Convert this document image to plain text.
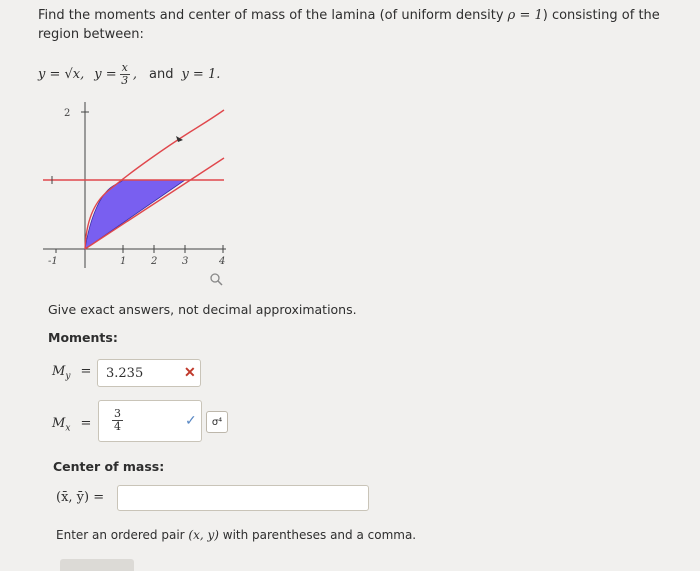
Find the moments and center of mass of the lamina (of uniform density ρ = 1) consisting of the region between:
y = √x, $y = \frac{x}{3}$ , and y = 1.
2
-1	1 2 3	4
Give exact answers, not decimal approximations.
Moments:
$M_y = 3.235$	✕
$M_x = \frac{3}{4}$	✓	σ⁴
Center of mass:
(x̄, ȳ) =
Enter an ordered pair (x, y) with parentheses and a comma.
